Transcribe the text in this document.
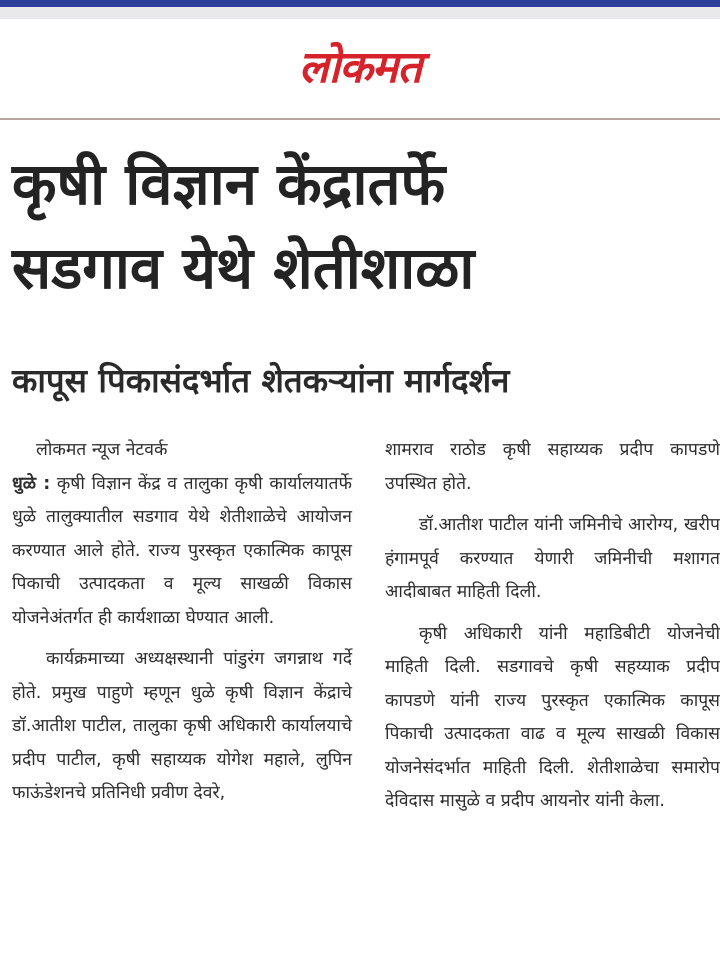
लोकमत
कृषी विज्ञान केंद्रातर्फे
सडगाव येथे शेतीशाळा
कापूस पिकासंदर्भात शेतकऱ्यांना मार्गदर्शन

लोकमत न्यूज नेटवर्क

धुळे : कृषी विज्ञान केंद्र व तालुका कृषी कार्यालयातर्फे धुळे तालुक्यातील सडगाव येथे शेतीशाळेचे आयोजन करण्यात आले होते. राज्य पुरस्कृत एकात्मिक कापूस पिकाची उत्पादकता व मूल्य साखळी विकास योजनेअंतर्गत ही कार्यशाळा घेण्यात आली.

कार्यक्रमाच्या अध्यक्षस्थानी पांडुरंग जगन्नाथ गर्दे होते. प्रमुख पाहुणे म्हणून धुळे कृषी विज्ञान केंद्राचे डॉ.आतीश पाटील, तालुका कृषी अधिकारी कार्यालयाचे प्रदीप पाटील, कृषी सहाय्यक योगेश महाले, लुपिन फाऊंडेशनचे प्रतिनिधी प्रवीण देवरे,

शामराव राठोड कृषी सहाय्यक प्रदीप कापडणे उपस्थित होते.

डॉ.आतीश पाटील यांनी जमिनीचे आरोग्य, खरीप हंगामपूर्व करण्यात येणारी जमिनीची मशागत आदीबाबत माहिती दिली.

कृषी अधिकारी यांनी महाडिबीटी योजनेची माहिती दिली. सडगावचे कृषी सहय्याक प्रदीप कापडणे यांनी राज्य पुरस्कृत एकात्मिक कापूस पिकाची उत्पादकता वाढ व मूल्य साखळी विकास योजनेसंदर्भात माहिती दिली. शेतीशाळेचा समारोप देविदास मासुळे व प्रदीप आयनोर यांनी केला.
